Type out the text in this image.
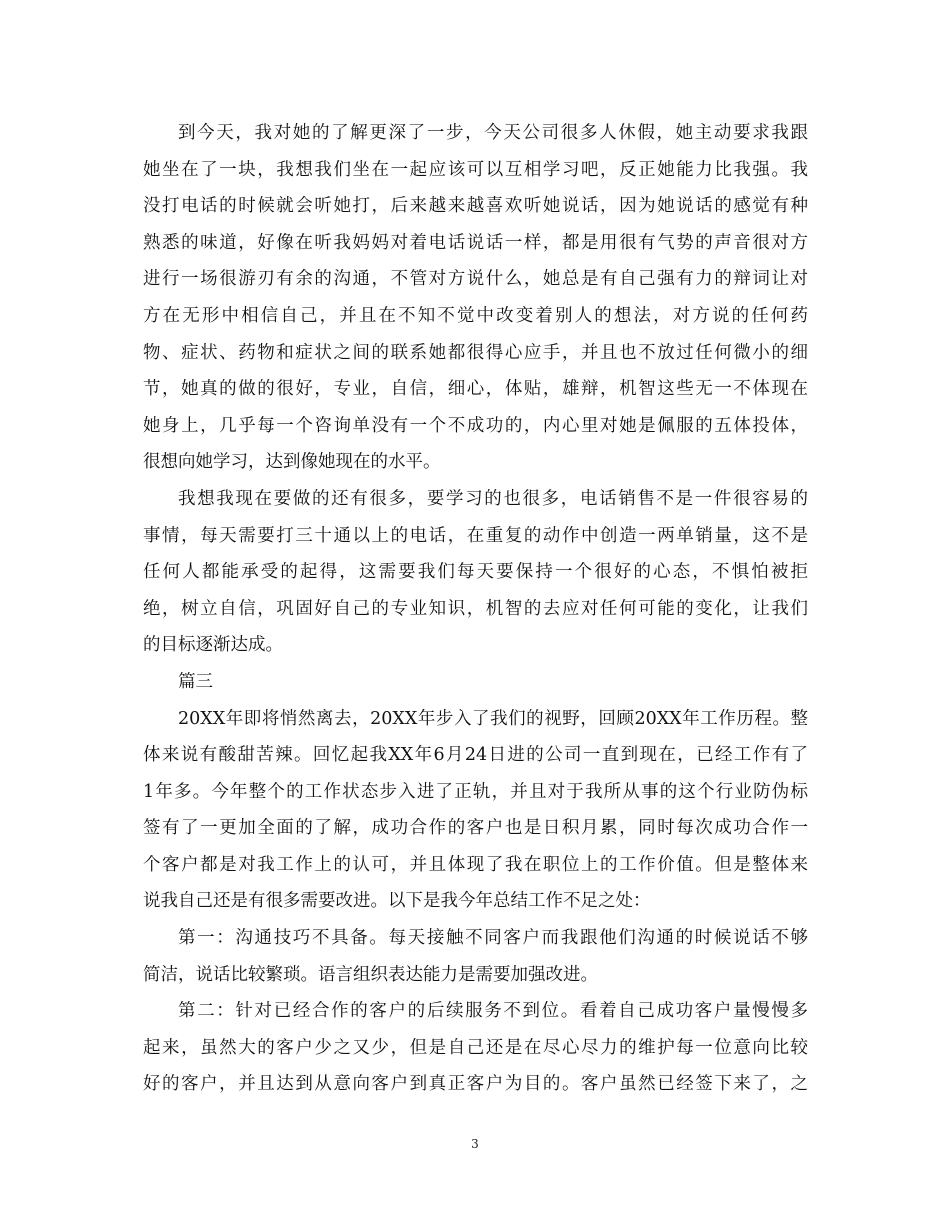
到今天，我对她的了解更深了一步，今天公司很多人休假，她主动要求我跟
她坐在了一块，我想我们坐在一起应该可以互相学习吧，反正她能力比我强。我
没打电话的时候就会听她打，后来越来越喜欢听她说话，因为她说话的感觉有种
熟悉的味道，好像在听我妈妈对着电话说话一样，都是用很有气势的声音很对方
进行一场很游刃有余的沟通，不管对方说什么，她总是有自己强有力的辩词让对
方在无形中相信自己，并且在不知不觉中改变着别人的想法，对方说的任何药
物、症状、药物和症状之间的联系她都很得心应手，并且也不放过任何微小的细
节，她真的做的很好，专业，自信，细心，体贴，雄辩，机智这些无一不体现在
她身上，几乎每一个咨询单没有一个不成功的，内心里对她是佩服的五体投体，
很想向她学习，达到像她现在的水平。
我想我现在要做的还有很多，要学习的也很多，电话销售不是一件很容易的
事情，每天需要打三十通以上的电话，在重复的动作中创造一两单销量，这不是
任何人都能承受的起得，这需要我们每天要保持一个很好的心态，不惧怕被拒
绝，树立自信，巩固好自己的专业知识，机智的去应对任何可能的变化，让我们
的目标逐渐达成。
篇三
20XX年即将悄然离去，20XX年步入了我们的视野，回顾20XX年工作历程。整
体来说有酸甜苦辣。回忆起我XX年6月24日进的公司一直到现在，已经工作有了
1年多。今年整个的工作状态步入进了正轨，并且对于我所从事的这个行业防伪标
签有了一更加全面的了解，成功合作的客户也是日积月累，同时每次成功合作一
个客户都是对我工作上的认可，并且体现了我在职位上的工作价值。但是整体来
说我自己还是有很多需要改进。以下是我今年总结工作不足之处：
第一：沟通技巧不具备。每天接触不同客户而我跟他们沟通的时候说话不够
简洁，说话比较繁琐。语言组织表达能力是需要加强改进。
第二：针对已经合作的客户的后续服务不到位。看着自己成功客户量慢慢多
起来，虽然大的客户少之又少，但是自己还是在尽心尽力的维护每一位意向比较
好的客户，并且达到从意向客户到真正客户为目的。客户虽然已经签下来了，之
3
